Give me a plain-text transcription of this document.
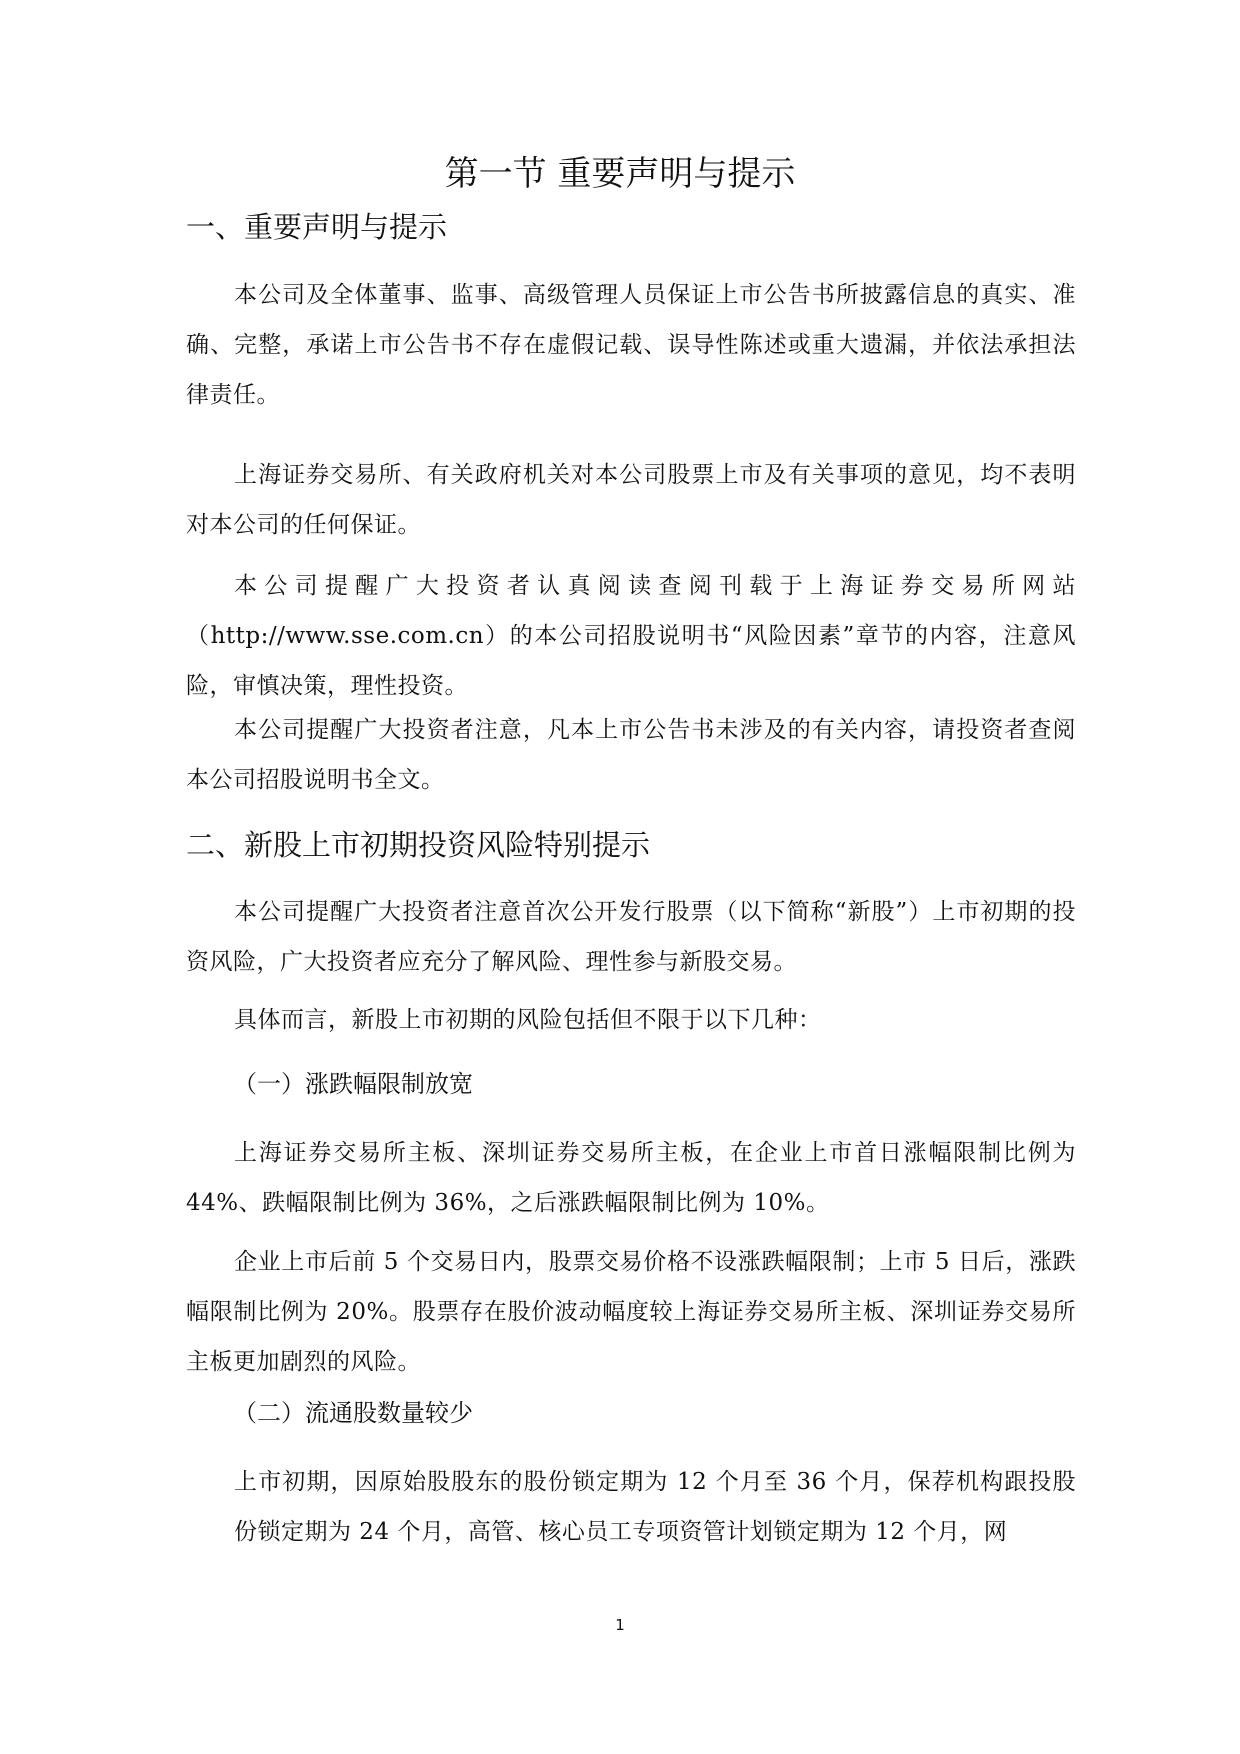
第一节 重要声明与提示
一、重要声明与提示

本公司及全体董事、监事、高级管理人员保证上市公告书所披露信息的真实、准确、完整，承诺上市公告书不存在虚假记载、误导性陈述或重大遗漏，并依法承担法律责任。

上海证券交易所、有关政府机关对本公司股票上市及有关事项的意见，均不表明对本公司的任何保证。

本公司提醒广大投资者认真阅读查阅刊载于上海证券交易所网站（http://www.sse.com.cn）的本公司招股说明书“风险因素”章节的内容，注意风险，审慎决策，理性投资。

本公司提醒广大投资者注意，凡本上市公告书未涉及的有关内容，请投资者查阅本公司招股说明书全文。

二、新股上市初期投资风险特别提示

本公司提醒广大投资者注意首次公开发行股票（以下简称“新股”）上市初期的投资风险，广大投资者应充分了解风险、理性参与新股交易。

具体而言，新股上市初期的风险包括但不限于以下几种：

（一）涨跌幅限制放宽

上海证券交易所主板、深圳证券交易所主板，在企业上市首日涨幅限制比例为 44%、跌幅限制比例为 36%，之后涨跌幅限制比例为 10%。

企业上市后前 5 个交易日内，股票交易价格不设涨跌幅限制；上市 5 日后，涨跌幅限制比例为 20%。股票存在股价波动幅度较上海证券交易所主板、深圳证券交易所主板更加剧烈的风险。

（二）流通股数量较少

上市初期，因原始股股东的股份锁定期为 12 个月至 36 个月，保荐机构跟投股份锁定期为 24 个月，高管、核心员工专项资管计划锁定期为 12 个月，网

1
